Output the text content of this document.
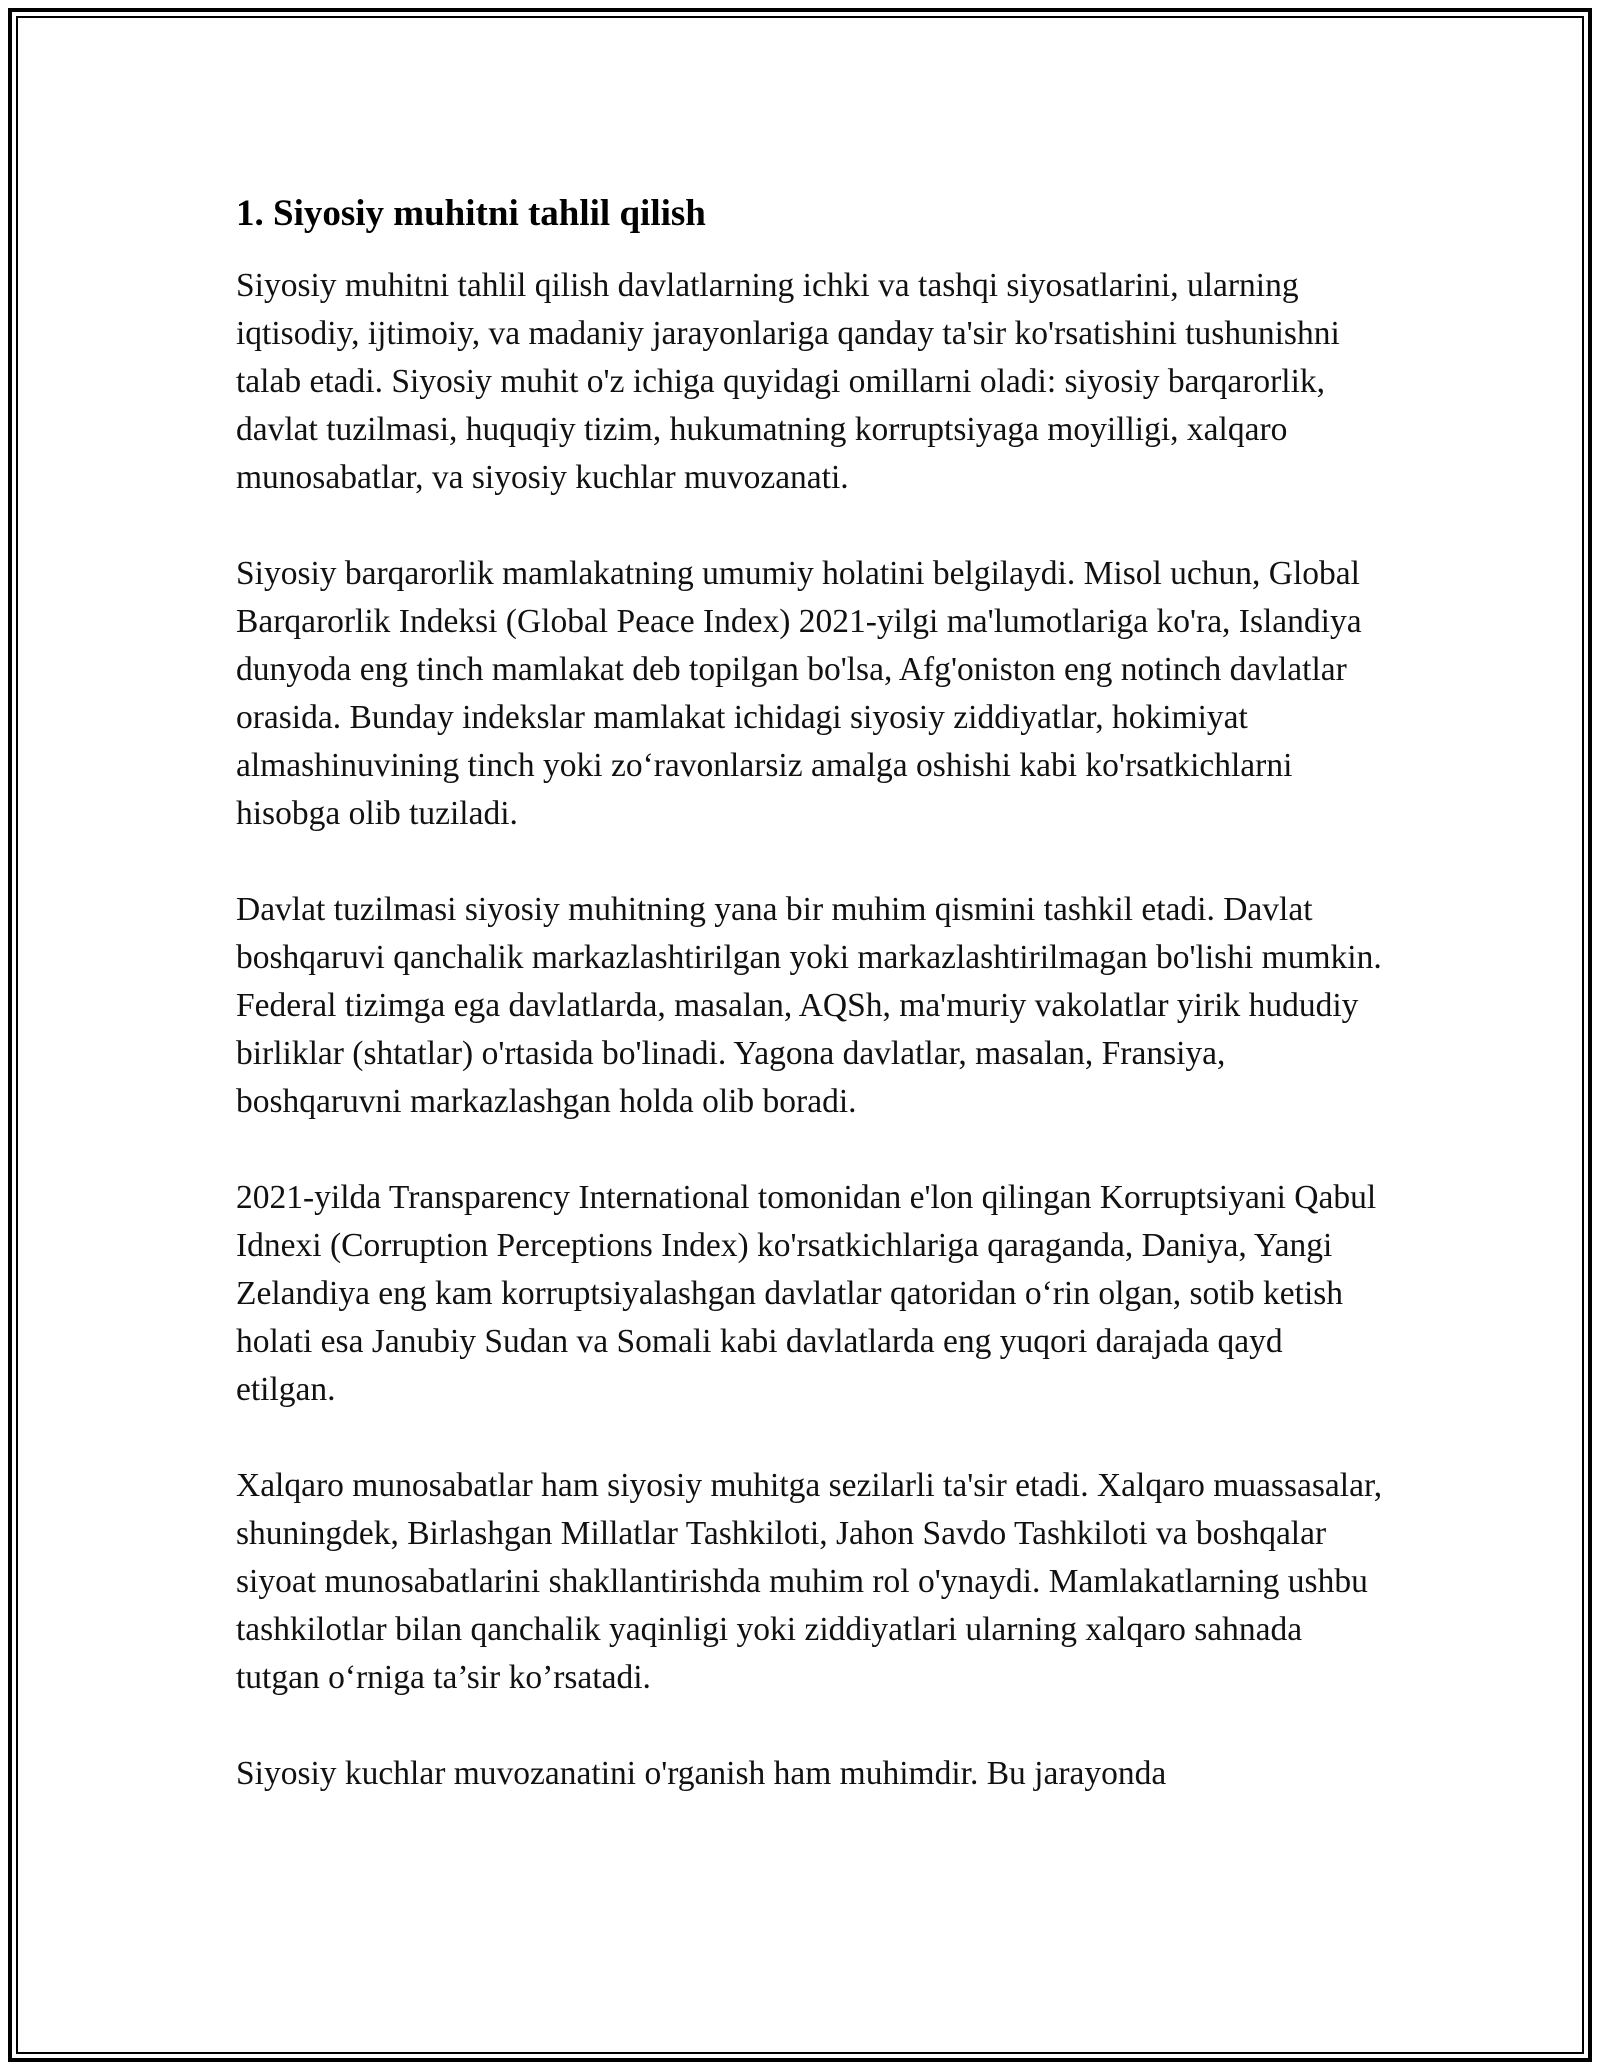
1. Siyosiy muhitni tahlil qilish

Siyosiy muhitni tahlil qilish davlatlarning ichki va tashqi siyosatlarini, ularning iqtisodiy, ijtimoiy, va madaniy jarayonlariga qanday ta'sir ko'rsatishini tushunishni talab etadi. Siyosiy muhit o'z ichiga quyidagi omillarni oladi: siyosiy barqarorlik, davlat tuzilmasi, huquqiy tizim, hukumatning korruptsiyaga moyilligi, xalqaro munosabatlar, va siyosiy kuchlar muvozanati.

Siyosiy barqarorlik mamlakatning umumiy holatini belgilaydi. Misol uchun, Global Barqarorlik Indeksi (Global Peace Index) 2021-yilgi ma'lumotlariga ko'ra, Islandiya dunyoda eng tinch mamlakat deb topilgan bo'lsa, Afg'oniston eng notinch davlatlar orasida. Bunday indekslar mamlakat ichidagi siyosiy ziddiyatlar, hokimiyat almashinuvining tinch yoki zo‘ravonlarsiz amalga oshishi kabi ko'rsatkichlarni hisobga olib tuziladi.

Davlat tuzilmasi siyosiy muhitning yana bir muhim qismini tashkil etadi. Davlat boshqaruvi qanchalik markazlashtirilgan yoki markazlashtirilmagan bo'lishi mumkin. Federal tizimga ega davlatlarda, masalan, AQSh, ma'muriy vakolatlar yirik hududiy birliklar (shtatlar) o'rtasida bo'linadi. Yagona davlatlar, masalan, Fransiya, boshqaruvni markazlashgan holda olib boradi.

2021-yilda Transparency International tomonidan e'lon qilingan Korruptsiyani Qabul Idnexi (Corruption Perceptions Index) ko'rsatkichlariga qaraganda, Daniya, Yangi Zelandiya eng kam korruptsiyalashgan davlatlar qatoridan o‘rin olgan, sotib ketish holati esa Janubiy Sudan va Somali kabi davlatlarda eng yuqori darajada qayd etilgan.

Xalqaro munosabatlar ham siyosiy muhitga sezilarli ta'sir etadi. Xalqaro muassasalar, shuningdek, Birlashgan Millatlar Tashkiloti, Jahon Savdo Tashkiloti va boshqalar siyoat munosabatlarini shakllantirishda muhim rol o'ynaydi. Mamlakatlarning ushbu tashkilotlar bilan qanchalik yaqinligi yoki ziddiyatlari ularning xalqaro sahnada tutgan o‘rniga ta’sir ko’rsatadi.

Siyosiy kuchlar muvozanatini o'rganish ham muhimdir. Bu jarayonda
